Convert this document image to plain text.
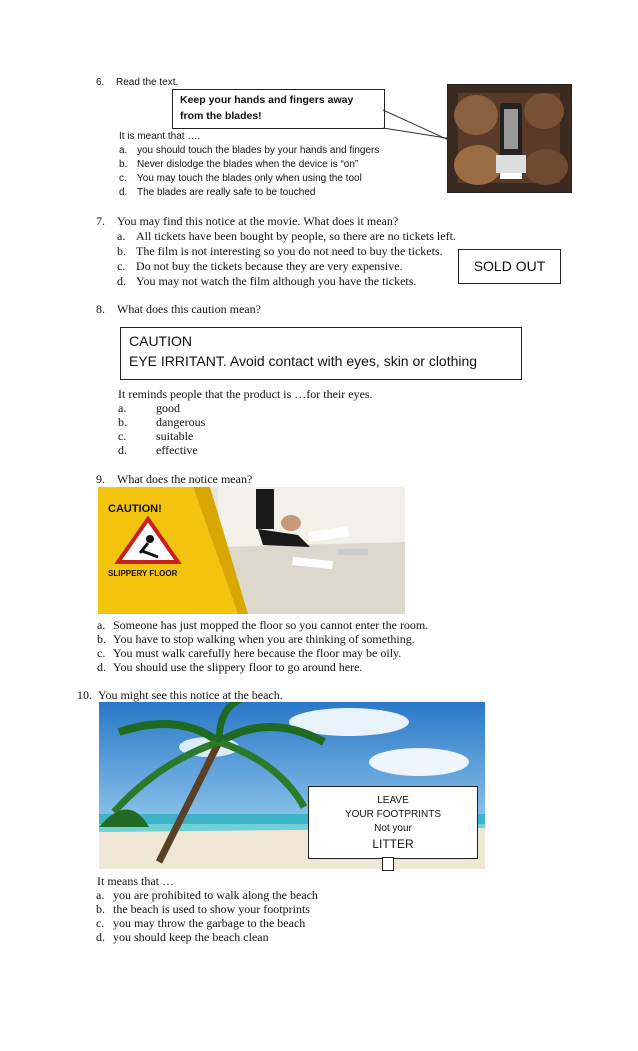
6. Read the text.
Keep your hands and fingers away
from the blades!
It is meant that ….
a. you should touch the blades by your hands and fingers
b. Never dislodge the blades when the device is “on”
c. You may touch the blades only when using the tool
d. The blades are really safe to be touched
7. You may find this notice at the movie. What does it mean?
a. All tickets have been bought by people, so there are no tickets left.
b. The film is not interesting so you do not need to buy the tickets.
c. Do not buy the tickets because they are very expensive.
d. You may not watch the film although you have the tickets.
SOLD OUT
8. What does this caution mean?
CAUTION
EYE IRRITANT. Avoid contact with eyes, skin or clothing
It reminds people that the product is …for their eyes.
a. good
b. dangerous
c. suitable
d. effective
9. What does the notice mean?
CAUTION!
SLIPPERY FLOOR
a. Someone has just mopped the floor so you cannot enter the room.
b. You have to stop walking when you are thinking of something.
c. You must walk carefully here because the floor may be oily.
d. You should use the slippery floor to go around here.
10. You might see this notice at the beach.
LEAVE
YOUR FOOTPRINTS
Not your
LITTER
It means that …
a. you are prohibited to walk along the beach
b. the beach is used to show your footprints
c. you may throw the garbage to the beach
d. you should keep the beach clean
